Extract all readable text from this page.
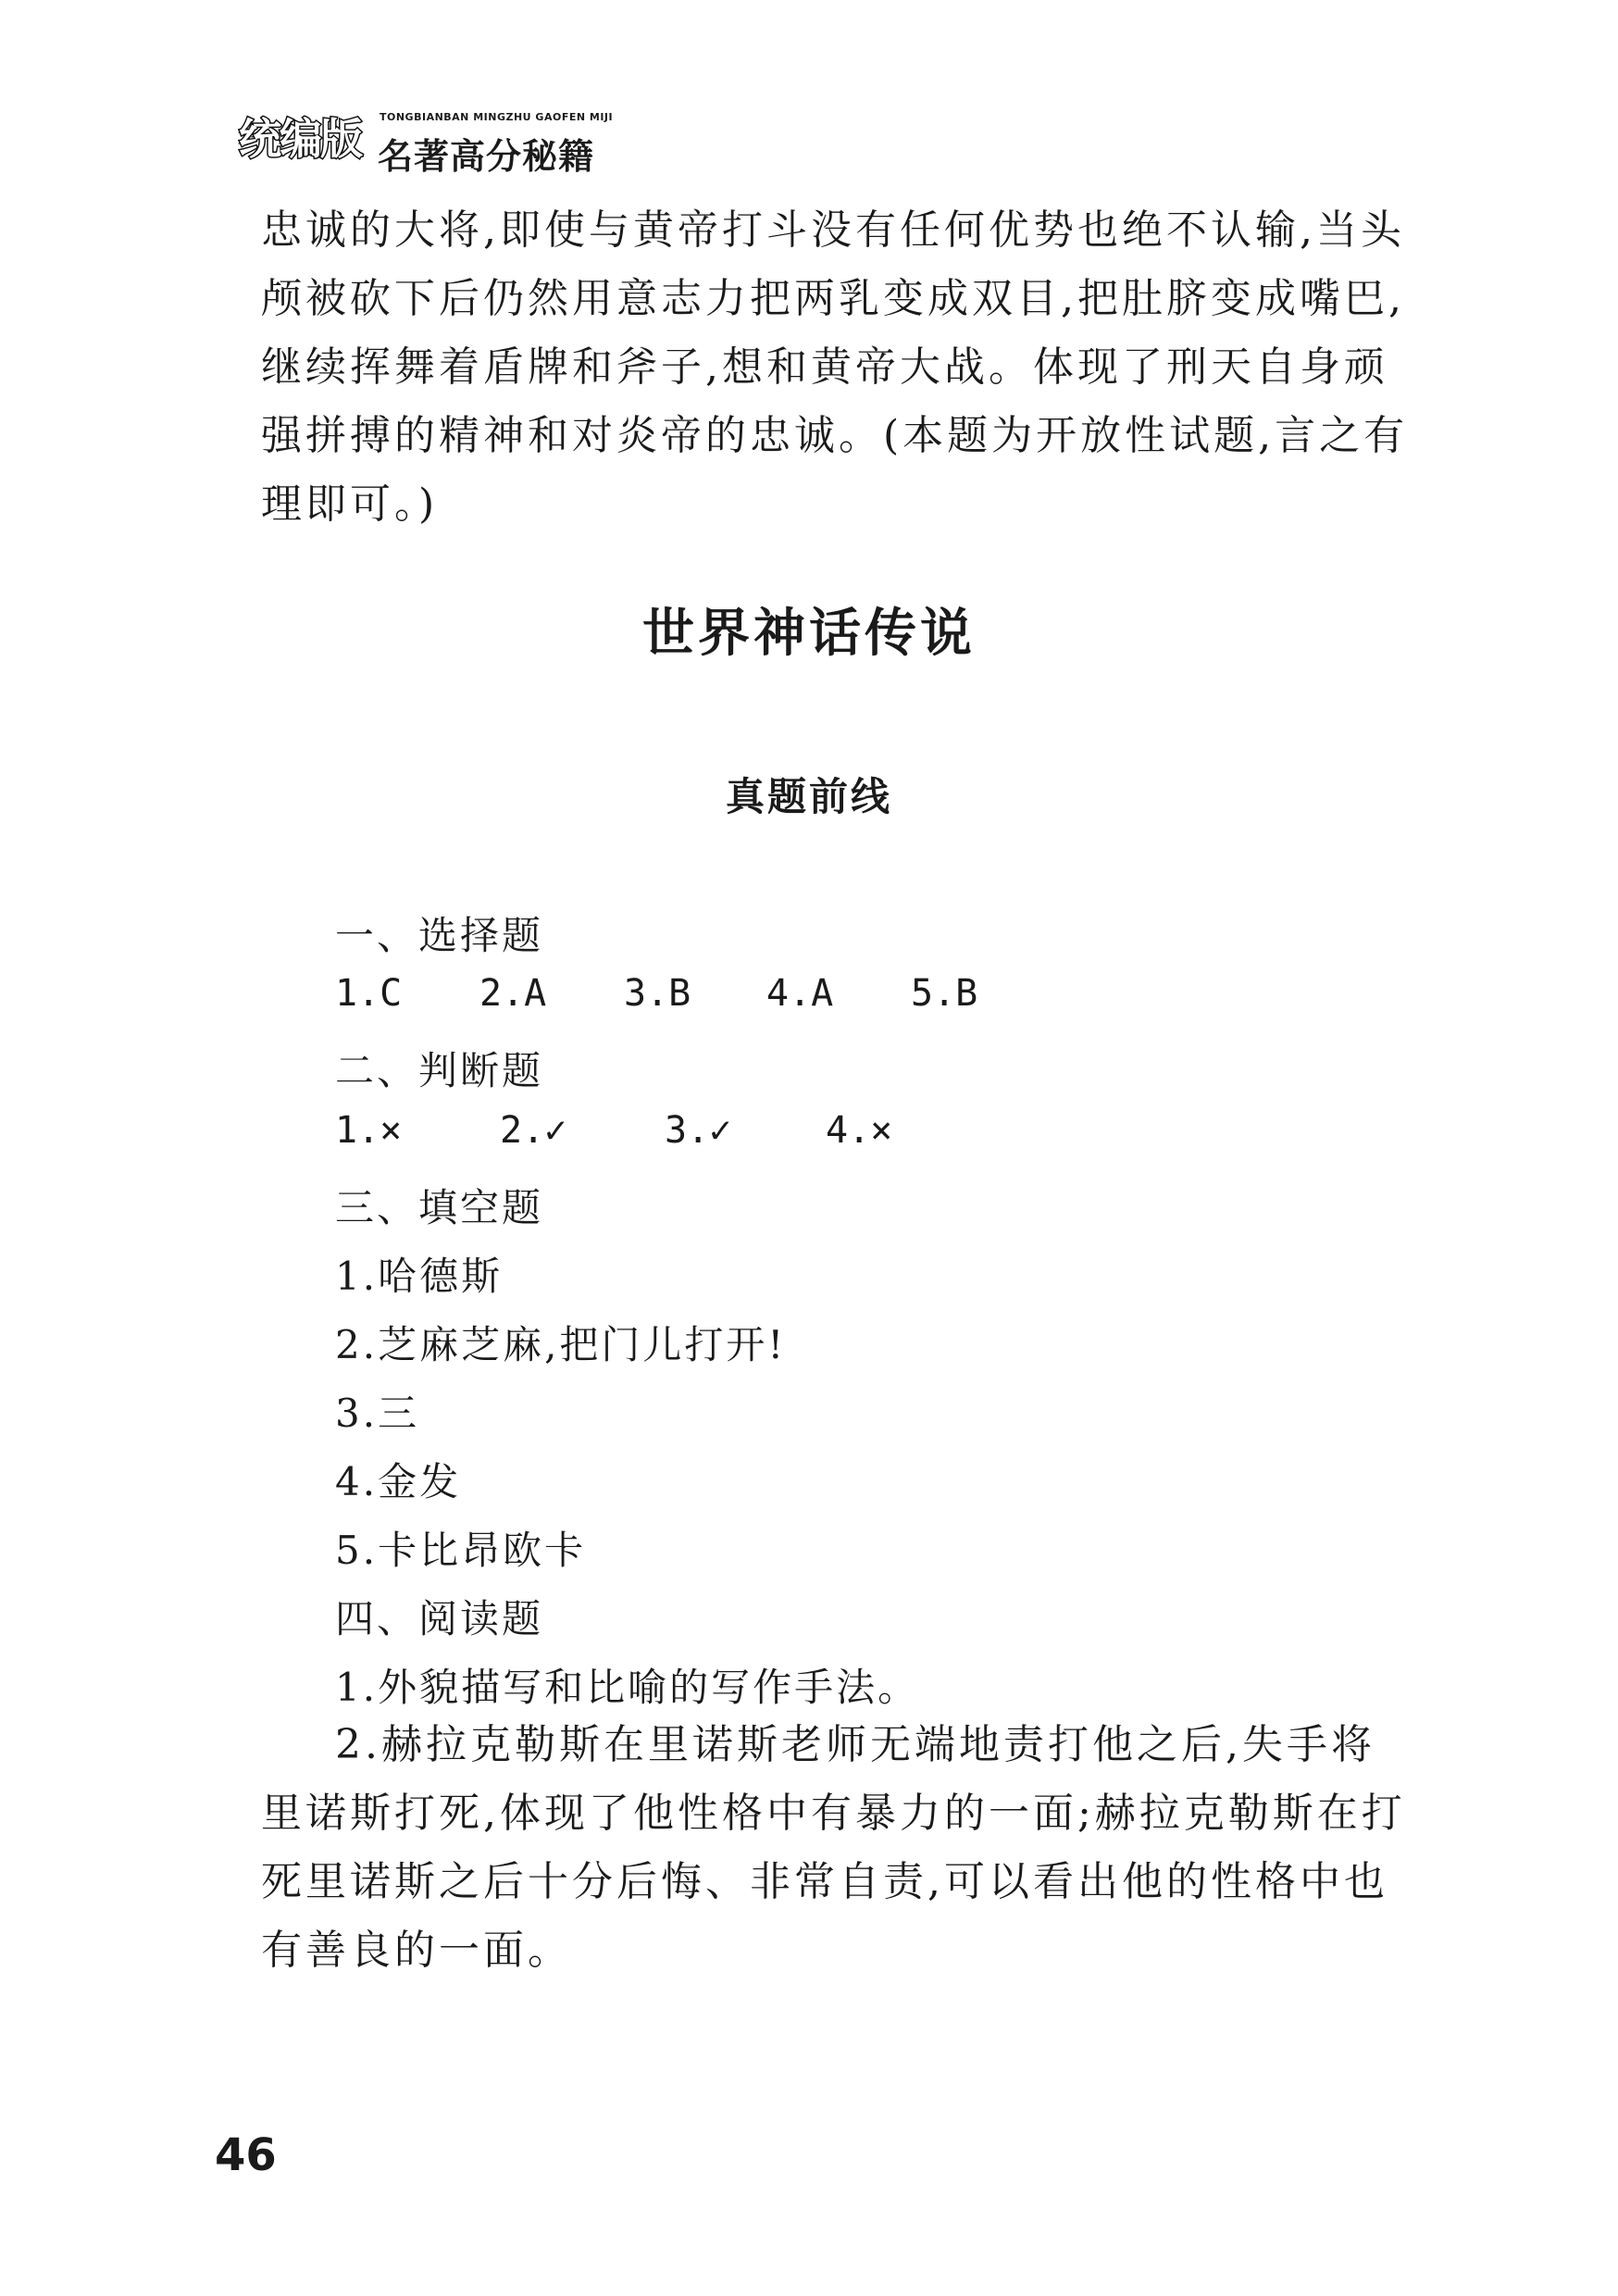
统编版	TONGBIANBAN MINGZHU GAOFEN MIJI
名著高分秘籍
忠诚的大将,即使与黄帝打斗没有任何优势也绝不认输,当头颅被砍下后仍然用意志力把两乳变成双目,把肚脐变成嘴巴,继续挥舞着盾牌和斧子,想和黄帝大战。体现了刑天自身顽强拼搏的精神和对炎帝的忠诚。(本题为开放性试题,言之有理即可。)
世界神话传说
真题前线
一、选择题
1.C 2.A 3.B 4.A 5.B
二、判断题
1.×	2.✓	3.✓	4.×
三、填空题
1.哈德斯
2.芝麻芝麻,把门儿打开!
3.三
4.金发
5.卡比昂欧卡
四、阅读题
1.外貌描写和比喻的写作手法。
2.赫拉克勒斯在里诺斯老师无端地责打他之后,失手将里诺斯打死,体现了他性格中有暴力的一面;赫拉克勒斯在打死里诺斯之后十分后悔、非常自责,可以看出他的性格中也有善良的一面。
46
